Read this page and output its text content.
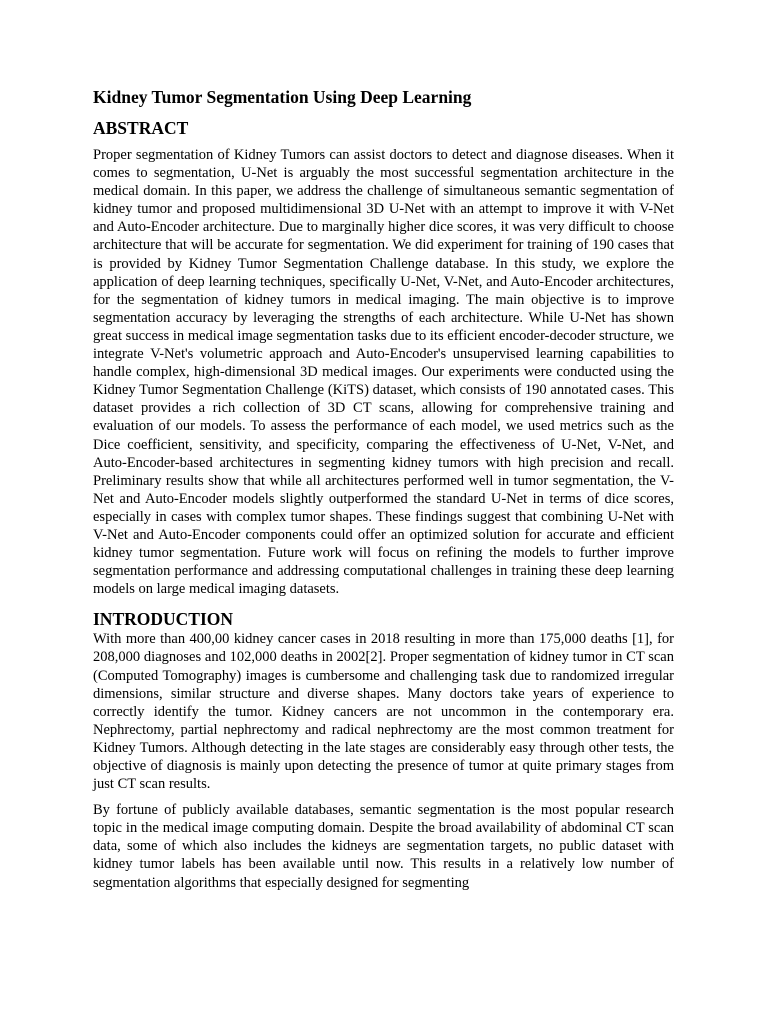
Kidney Tumor Segmentation Using Deep Learning
ABSTRACT

Proper segmentation of Kidney Tumors can assist doctors to detect and diagnose diseases. When it comes to segmentation, U-Net is arguably the most successful segmentation architecture in the medical domain. In this paper, we address the challenge of simultaneous semantic segmentation of kidney tumor and proposed multidimensional 3D U-Net with an attempt to improve it with V-Net and Auto-Encoder architecture. Due to marginally higher dice scores, it was very difficult to choose architecture that will be accurate for segmentation. We did experiment for training of 190 cases that is provided by Kidney Tumor Segmentation Challenge database. In this study, we explore the application of deep learning techniques, specifically U-Net, V-Net, and Auto-Encoder architectures, for the segmentation of kidney tumors in medical imaging. The main objective is to improve segmentation accuracy by leveraging the strengths of each architecture. While U-Net has shown great success in medical image segmentation tasks due to its efficient encoder-decoder structure, we integrate V-Net's volumetric approach and Auto-Encoder's unsupervised learning capabilities to handle complex, high-dimensional 3D medical images. Our experiments were conducted using the Kidney Tumor Segmentation Challenge (KiTS) dataset, which consists of 190 annotated cases. This dataset provides a rich collection of 3D CT scans, allowing for comprehensive training and evaluation of our models. To assess the performance of each model, we used metrics such as the Dice coefficient, sensitivity, and specificity, comparing the effectiveness of U-Net, V-Net, and Auto-Encoder-based architectures in segmenting kidney tumors with high precision and recall. Preliminary results show that while all architectures performed well in tumor segmentation, the V-Net and Auto-Encoder models slightly outperformed the standard U-Net in terms of dice scores, especially in cases with complex tumor shapes. These findings suggest that combining U-Net with V-Net and Auto-Encoder components could offer an optimized solution for accurate and efficient kidney tumor segmentation. Future work will focus on refining the models to further improve segmentation performance and addressing computational challenges in training these deep learning models on large medical imaging datasets.

INTRODUCTION

With more than 400,00 kidney cancer cases in 2018 resulting in more than 175,000 deaths [1], for 208,000 diagnoses and 102,000 deaths in 2002[2]. Proper segmentation of kidney tumor in CT scan (Computed Tomography) images is cumbersome and challenging task due to randomized irregular dimensions, similar structure and diverse shapes. Many doctors take years of experience to correctly identify the tumor. Kidney cancers are not uncommon in the contemporary era. Nephrectomy, partial nephrectomy and radical nephrectomy are the most common treatment for Kidney Tumors. Although detecting in the late stages are considerably easy through other tests, the objective of diagnosis is mainly upon detecting the presence of tumor at quite primary stages from just CT scan results.

By fortune of publicly available databases, semantic segmentation is the most popular research topic in the medical image computing domain. Despite the broad availability of abdominal CT scan data, some of which also includes the kidneys are segmentation targets, no public dataset with kidney tumor labels has been available until now. This results in a relatively low number of segmentation algorithms that especially designed for segmenting
